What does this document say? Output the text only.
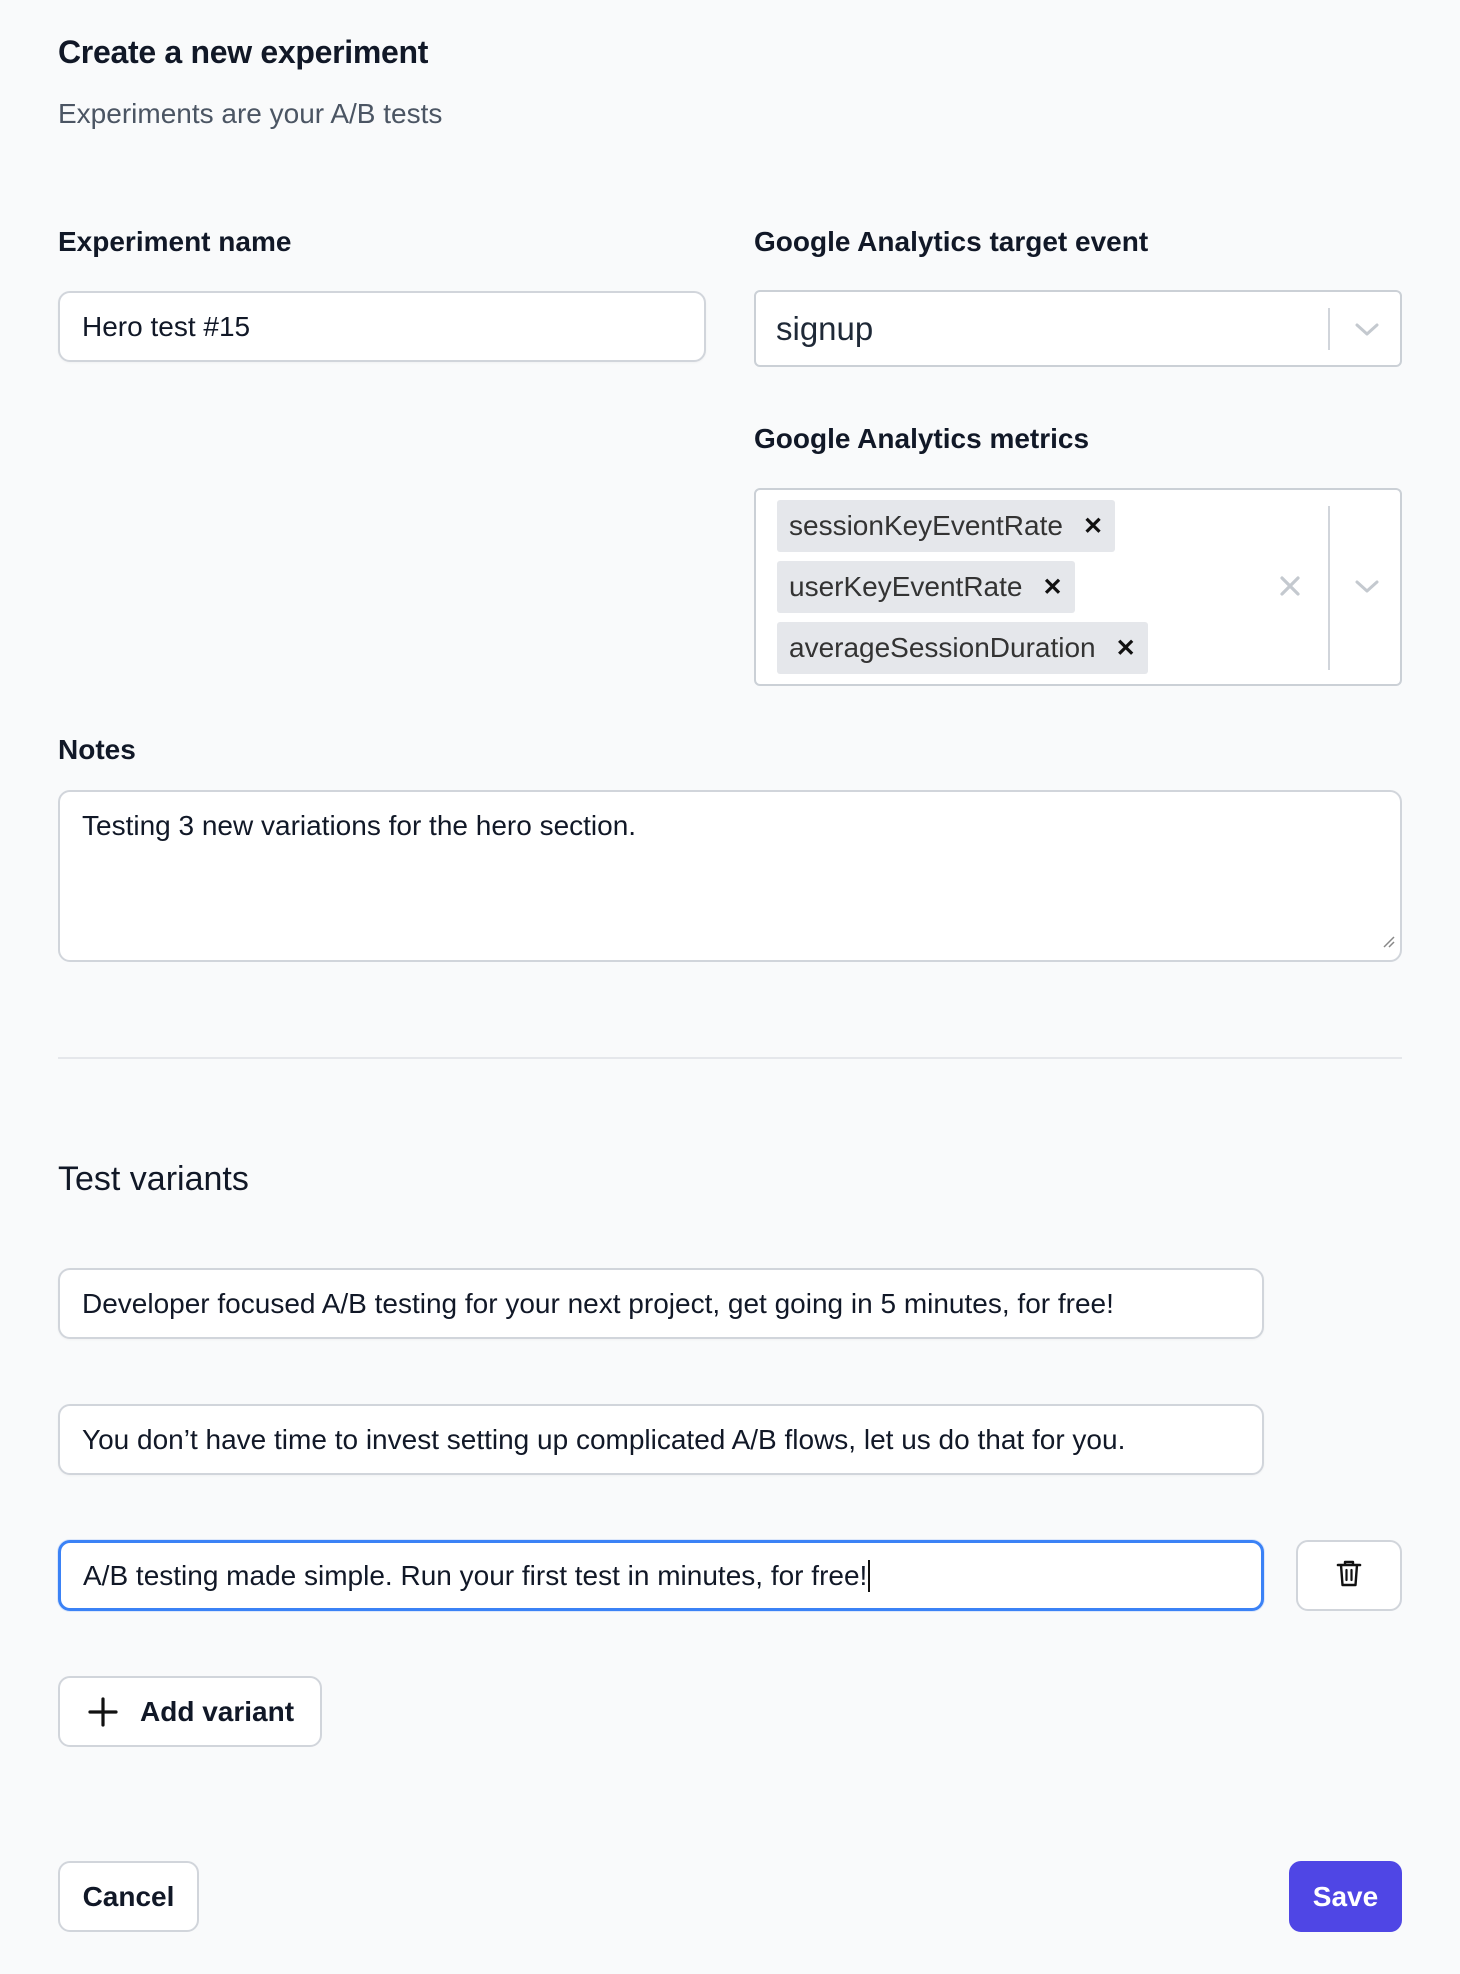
Create a new experiment
Experiments are your A/B tests
Experiment name
Hero test #15
Google Analytics target event
signup
Google Analytics metrics
sessionKeyEventRate ✕
userKeyEventRate ✕
averageSessionDuration ✕
Notes
Testing 3 new variations for the hero section.
Test variants
Developer focused A/B testing for your next project, get going in 5 minutes, for free!
You don’t have time to invest setting up complicated A/B flows, let us do that for you.
A/B testing made simple. Run your first test in minutes, for free!
Add variant
Cancel	Save
